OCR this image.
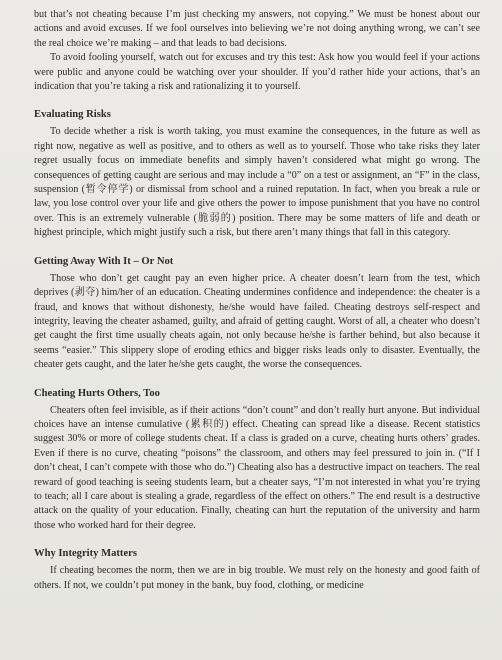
but that’s not cheating because I’m just checking my answers, not copying.” We must be honest about our actions and avoid excuses. If we fool ourselves into believing we’re not doing anything wrong, we can’t see the real choice we’re making – and that leads to bad decisions.

To avoid fooling yourself, watch out for excuses and try this test: Ask how you would feel if your actions were public and anyone could be watching over your shoulder. If you’d rather hide your actions, that’s an indication that you’re taking a risk and rationalizing it to yourself.

Evaluating Risks

To decide whether a risk is worth taking, you must examine the consequences, in the future as well as right now, negative as well as positive, and to others as well as to yourself. Those who take risks they later regret usually focus on immediate benefits and simply haven’t considered what might go wrong. The consequences of getting caught are serious and may include a “0” on a test or assignment, an “F” in the class, suspension (暂令停学) or dismissal from school and a ruined reputation. In fact, when you break a rule or law, you lose control over your life and give others the power to impose punishment that you have no control over. This is an extremely vulnerable (脆弱的) position. There may be some matters of life and death or highest principle, which might justify such a risk, but there aren’t many things that fall in this category.

Getting Away With It – Or Not

Those who don’t get caught pay an even higher price. A cheater doesn’t learn from the test, which deprives (剥夺) him/her of an education. Cheating undermines confidence and independence: the cheater is a fraud, and knows that without dishonesty, he/she would have failed. Cheating destroys self-respect and integrity, leaving the cheater ashamed, guilty, and afraid of getting caught. Worst of all, a cheater who doesn’t get caught the first time usually cheats again, not only because he/she is farther behind, but also because it seems “easier.” This slippery slope of eroding ethics and bigger risks leads only to disaster. Eventually, the cheater gets caught, and the later he/she gets caught, the worse the consequences.

Cheating Hurts Others, Too

Cheaters often feel invisible, as if their actions “don’t count” and don’t really hurt anyone. But individual choices have an intense cumulative (累积的) effect. Cheating can spread like a disease. Recent statistics suggest 30% or more of college students cheat. If a class is graded on a curve, cheating hurts others’ grades. Even if there is no curve, cheating “poisons” the classroom, and others may feel pressured to join in. (“If I don’t cheat, I can’t compete with those who do.”) Cheating also has a destructive impact on teachers. The real reward of good teaching is seeing students learn, but a cheater says, “I’m not interested in what you’re trying to teach; all I care about is stealing a grade, regardless of the effect on others.” The end result is a destructive attack on the quality of your education. Finally, cheating can hurt the reputation of the university and harm those who worked hard for their degree.

Why Integrity Matters

If cheating becomes the norm, then we are in big trouble. We must rely on the honesty and good faith of others. If not, we couldn’t put money in the bank, buy food, clothing, or medicine
